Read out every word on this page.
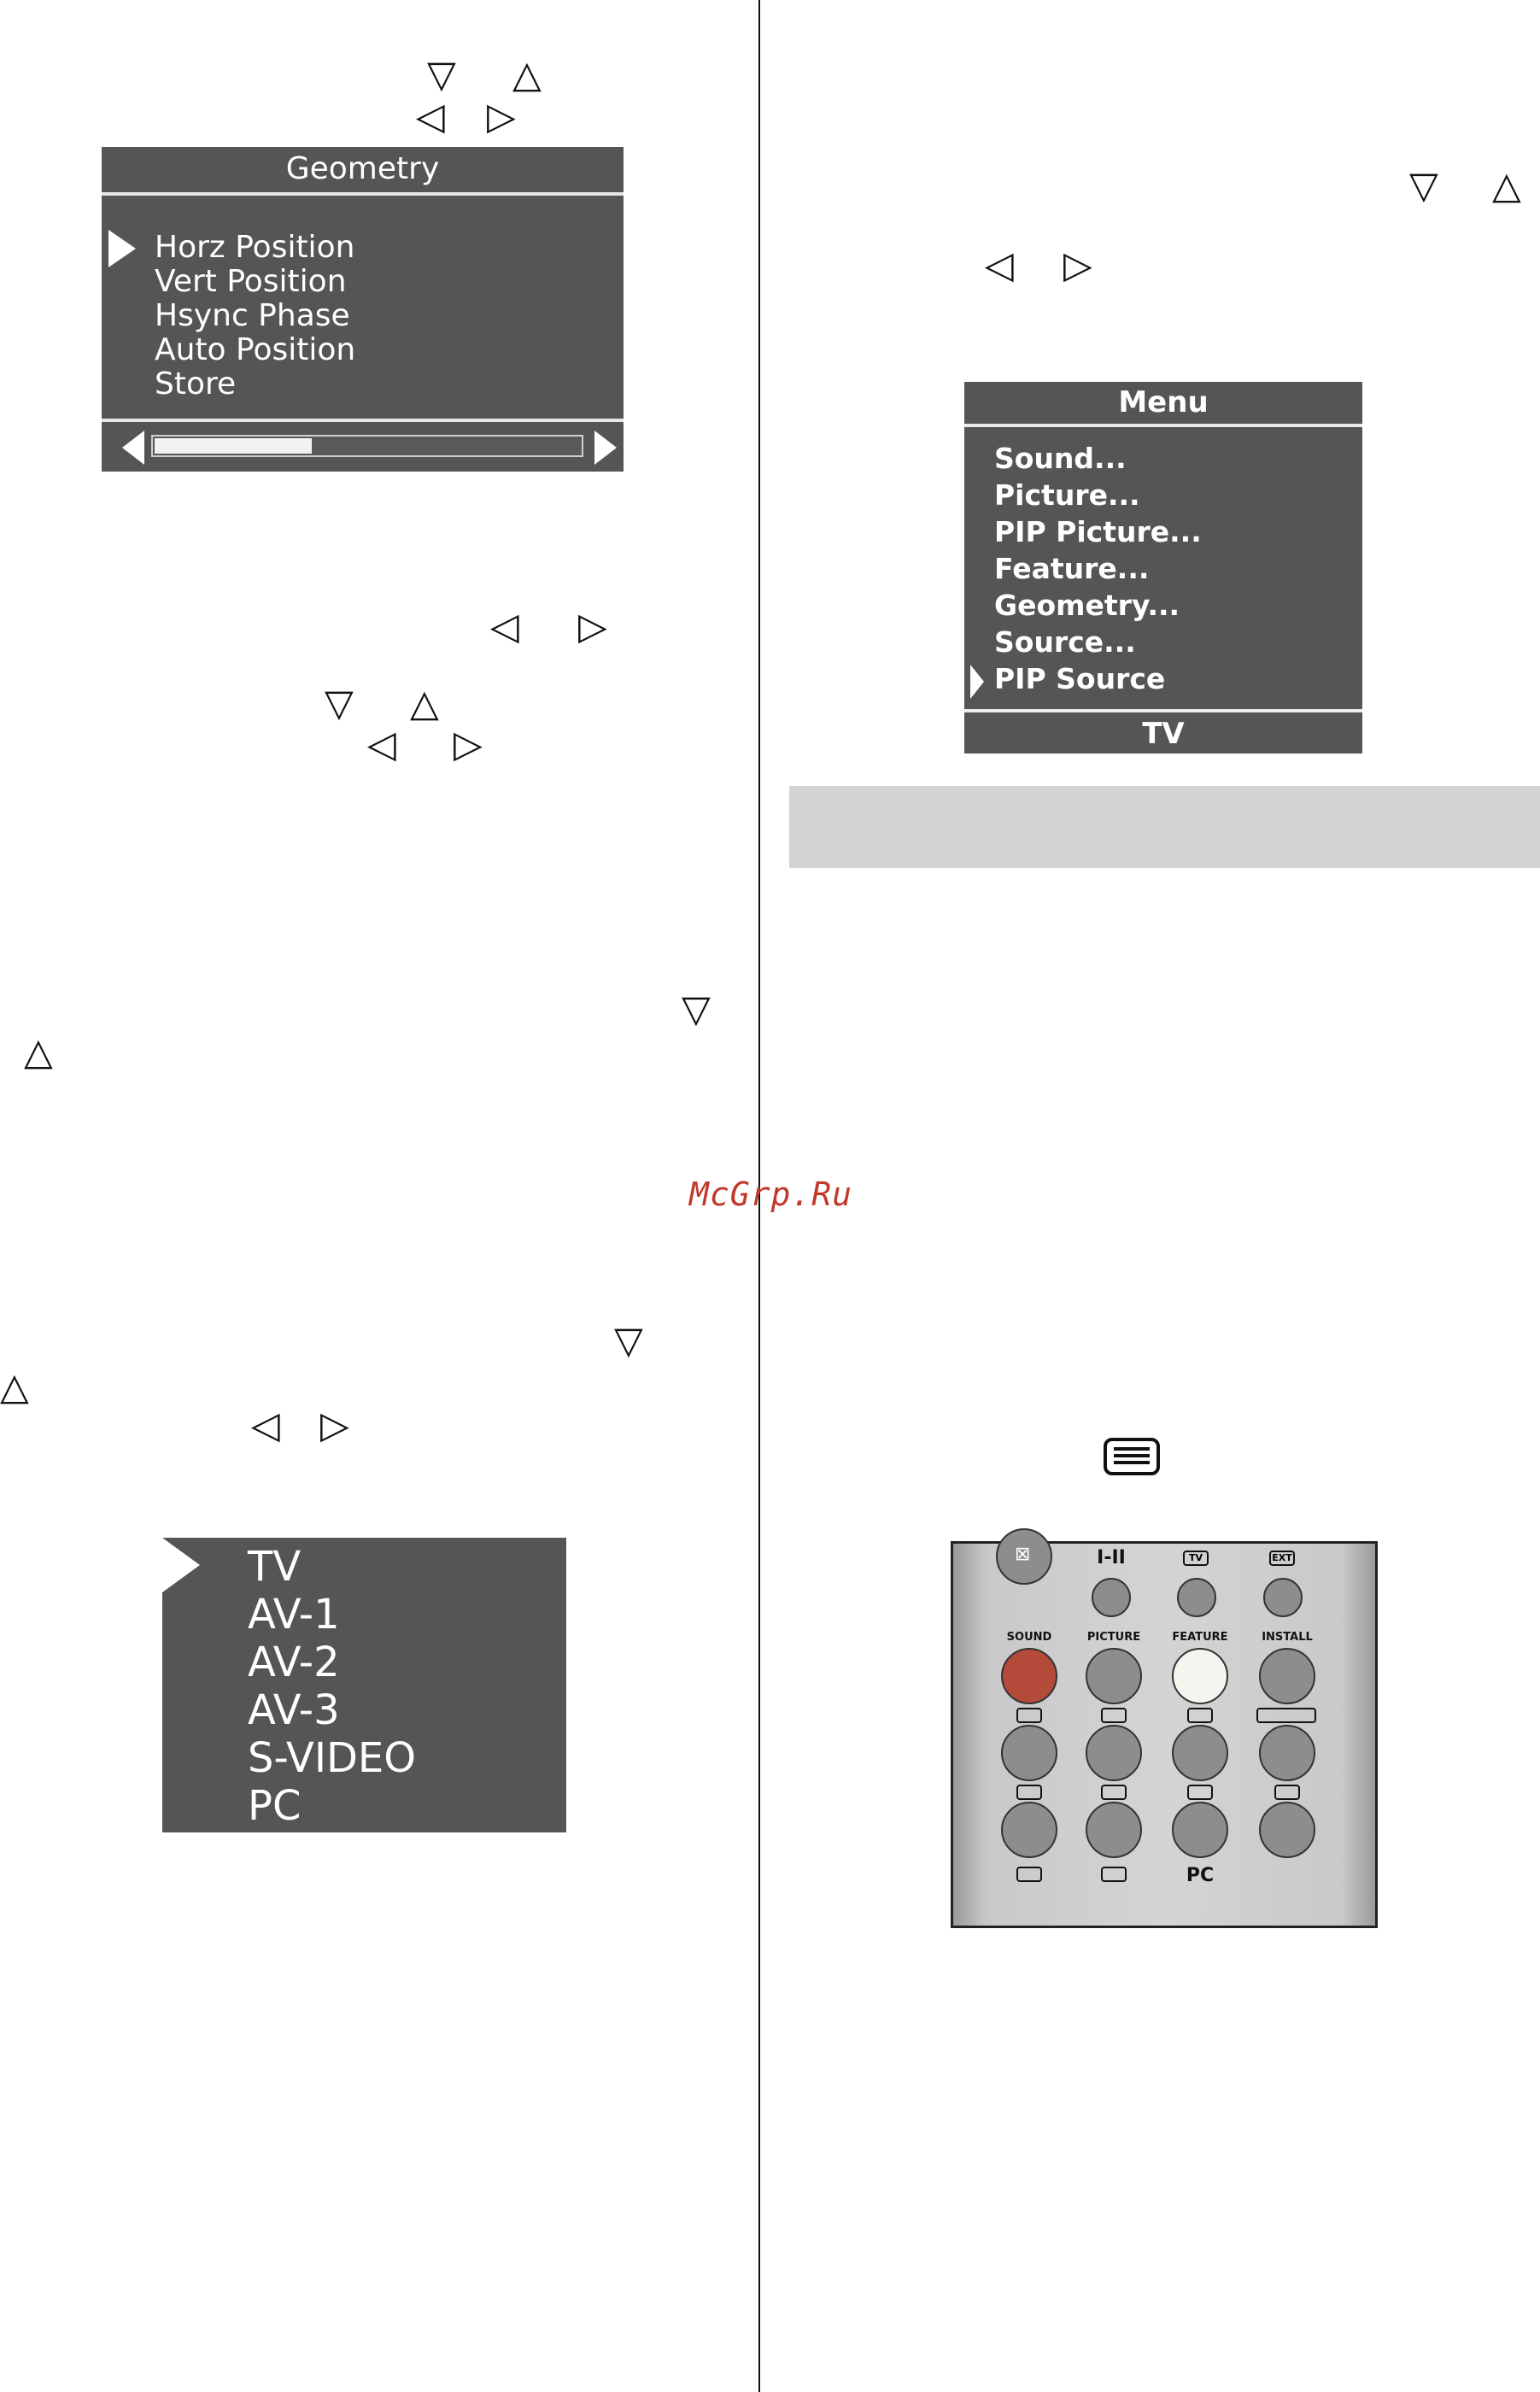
▽ △
◁ ▷
Geometry
Horz Position
Vert Position
Hsync Phase
Auto Position
Store
◁ ▷
▽ △
◁ ▷
▽
△
▽
△
◁ ▷
TV
AV-1
AV-2
AV-3
S-VIDEO
PC
▽ △
◁ ▷
Menu
Sound...
Picture...
PIP Picture...
Feature...
Geometry...
Source...
PIP Source
TV
McGrp.Ru
⊠	I-II	TV	EXT
SOUND	PICTURE	FEATURE	INSTALL
PC
